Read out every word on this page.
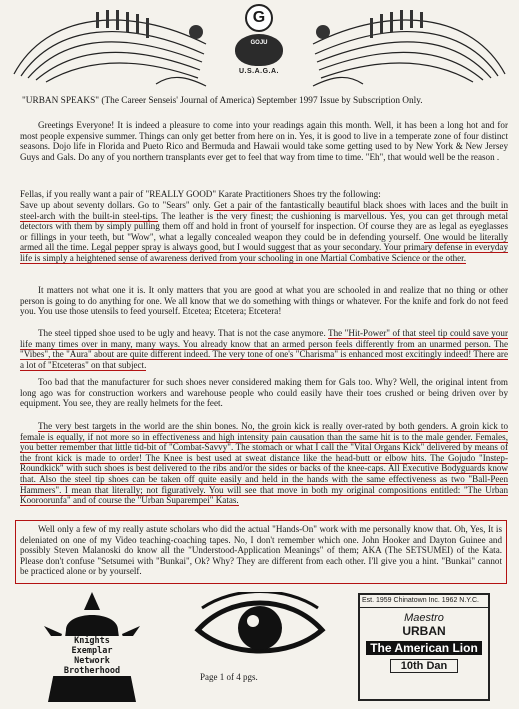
G
GOJU
U.S.A.G.A.
"URBAN SPEAKS" (The Career Senseis' Journal of America) September 1997 Issue by Subscription Only.

Greetings Everyone! It is indeed a pleasure to come into your readings again this month. Well, it has been a long hot and for most people expensive summer. Things can only get better from here on in. Yes, it is good to live in a temperate zone of four distinct seasons. Dojo life in Florida and Pueto Rico and Bermuda and Hawaii would take some getting used to by New York & New Jersey Guys and Gals. Do any of you northern transplants ever get to feel that way from time to time. "Eh", that would well be the reason .

Fellas, if you really want a pair of "REALLY GOOD" Karate Practitioners Shoes try the following:

Save up about seventy dollars. Go to "Sears" only. Get a pair of the fantastically beautiful black shoes with laces and the built in steel-arch with the built-in steel-tips. The leather is the very finest; the cushioning is marvellous. Yes, you can get through metal detectors with them by simply pulling them off and hold in front of yourself for inspection. Of course they are as legal as eyeglasses or fillings in your teeth, but "Wow", what a legally concealed weapon they could be in defending yourself. One would be literally armed all the time. Legal pepper spray is always good, but I would suggest that as your secondary. Your primary defense in everyday life is simply a heightened sense of awareness derived from your schooling in one Martial Combative Science or the other.

It matters not what one it is. It only matters that you are good at what you are schooled in and realize that no thing or other person is going to do anything for one. We all know that we do something with things or whatever. For the knife and fork do not feed you. You use those utensils to feed yourself. Etcetea; Etcetera; Etcetera!

The steel tipped shoe used to be ugly and heavy. That is not the case anymore. The "Hit-Power" of that steel tip could save your life many times over in many, many ways. You already know that an armed person feels differently from an unarmed person. The "Vibes", the "Aura" about are quite different indeed. The very tone of one's "Charisma" is enhanced most excitingly indeed! There are a lot of "Etceteras" on that subject.

Too bad that the manufacturer for such shoes never considered making them for Gals too. Why? Well, the original intent from long ago was for construction workers and warehouse people who could easily have their toes crushed or being driven over by equipment. You see, they are really helmets for the feet.

The very best targets in the world are the shin bones. No, the groin kick is really over-rated by both genders. A groin kick to female is equally, if not more so in effectiveness and high intensity pain causation than the same hit is to the male gender. Females, you better remember that little tid-bit of "Combat-Savvy". The stomach or what I call the "Vital Organs Kick" delivered by means of the front kick is made to order! The Knee is best used at sweat distance like the head-butt or elbow hits. The Gojudo "Instep-Roundkick" with such shoes is best delivered to the ribs and/or the sides or backs of the knee-caps. All Executive Bodyguards know that. Also the steel tip shoes can be taken off quite easily and held in the hands with the same effectiveness as two "Ball-Peen Hammers". I mean that literally; not figuratively. You will see that move in both my original compositions entitled: "The Urban Kooroorunfa" and of course the "Urban Suparempei" Katas.

Well only a few of my really astute scholars who did the actual "Hands-On" work with me personally know that. Oh, Yes, It is deleniated on one of my Video teaching-coaching tapes. No, I don't remember which one. John Hooker and Dayton Guinee and possibly Steven Malanoski do know all the "Understood-Application Meanings" of them; AKA (The SETSUMEI) of the Kata. Please don't confuse "Setsumei with "Bunkai", Ok? Why? They are different from each other. I'll give you a hint. "Bunkai" cannot be practiced alone or by yourself.

Knights
Exemplar
Network
Brotherhood
Page 1 of 4 pgs.
Est. 1959 Chinatown Inc. 1962 N.Y.C.
Maestro
URBAN
The American Lion
10th Dan
